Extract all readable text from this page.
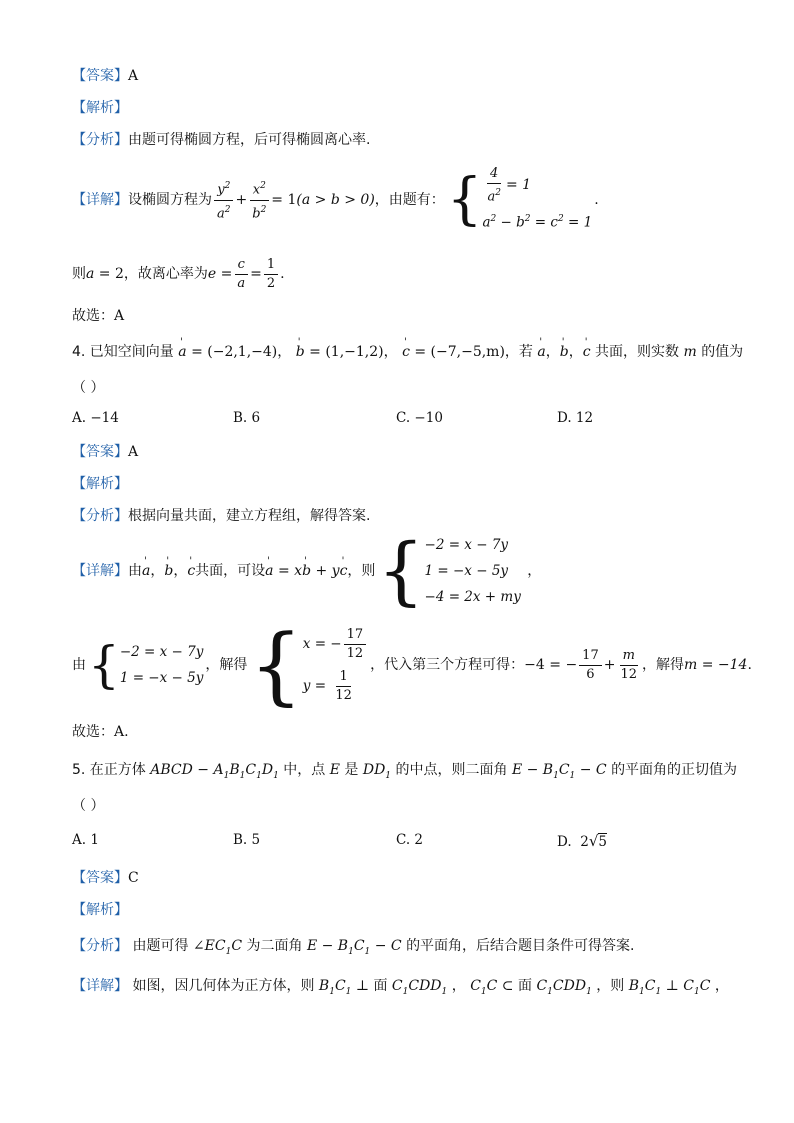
【答案】A
【解析】
【分析】由题可得椭圆方程，后可得椭圆离心率.
【详解】 设椭圆方程为 $\frac{y^2}{a^2} + \frac{x^2}{b^2} = 1$ (a > b > 0) ，由题有： { $\frac{4}{a^2} = 1$
$a^2 - b^2 = c^2 = 1$
.
则 a = 2 ，故离心率为 $e = \frac{c}{a} = \frac{1}{2}$ .
故选：A
4. 已知空间向量 ' a = (−2,1,−4)， ' b = (1,−1,2)， ' c = (−7,−5,m)，若 ' a，' b，' c 共面，则实数 m 的值为
（ ）
A. −14	B. 6	C. −10	D. 12
【答案】A
【解析】
【分析】根据向量共面，建立方程组，解得答案.
【详解】 由 ' a ， ' b ， ' c 共面，可设 ' a = x' b + y' c ，则 { −2 = x − 7y
1 = −x − 5y
−4 = 2x + my
，
由 { −2 = x − 7y
1 = −x − 5y
，解得 { x = − $\frac{17}{12}$
$y = \frac{1}{12}$
，代入第三个方程可得： −4 = − $\frac{17}{6} + \frac{m}{12}$ ，解得 m = −14 .
故选：A.
5. 在正方体 ABCD − $A_1B_1C_1D_1$ 中，点 E 是 $DD_1$ 的中点，则二面角 $E - B_1C_1 - C$ 的平面角的正切值为
（ ）
A. 1	B. 5	C. 2	D.  2√5
【答案】C
【解析】
【分析】 由题可得 $\angle EC_1C$ 为二面角 $E - B_1C_1 - C$ 的平面角，后结合题目条件可得答案.
【详解】 如图，因几何体为正方体，则 $B_1C_1$ ⊥ 面 $C_1CDD_1$ ， $C_1C$ ⊂ 面 $C_1CDD_1$ ，则 $B_1C_1$ ⊥ $C_1C$ ，
